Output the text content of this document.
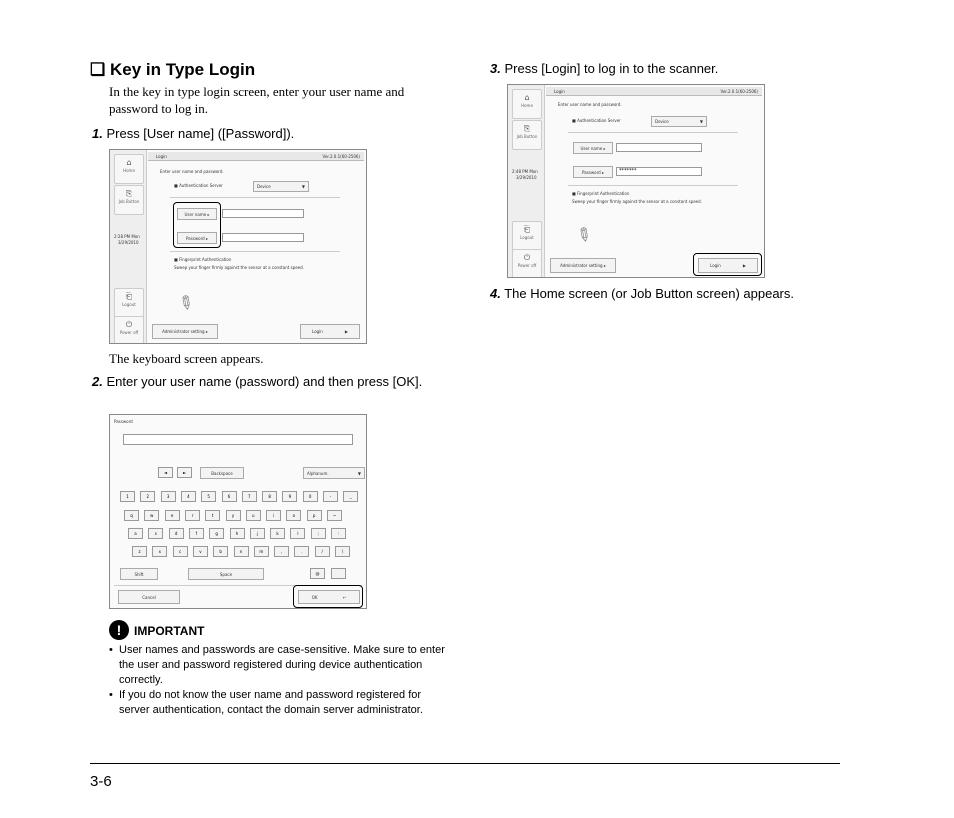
❑ Key in Type Login
In the key in type login screen, enter your user name and password to log in.
1. Press [User name] ([Password]).
⌂
Home
⎘
Job Button
2:28 PM Mon
3/29/2010
⎗
Logout
⏻
Power off
Login	Ver.2.0.1(60-2506)
Enter user name and password.
■ Authentication Server	Device	▼
User name ▸
Password ▸
■ Fingerprint Authentication
Sweep your finger firmly against the sensor at a constant speed.
✎
Administrator setting ▸	Login	▶
The keyboard screen appears.
2. Enter your user name (password) and then press [OK].
Password
◄	►	Backspace	Alphanum.	▼
1	2	3	4	5	6	7	8	9	0	-	_
q	w	e	r	t	y	u	i	o	p	~
a	s	d	f	g	h	j	k	l	;	:
z	x	c	v	b	n	m	,	.	/	\
Shift	Space	@
Cancel	OK	↵
!	IMPORTANT
• User names and passwords are case-sensitive. Make sure to enter the user and password registered during device authentication correctly.
• If you do not know the user name and password registered for server authentication, contact the domain server administrator.
3. Press [Login] to log in to the scanner.
⌂
Home
⎘
Job Button
2:48 PM Mon
3/29/2010
⎗
Logout
⏻
Power off
Login	Ver.2.0.1(60-2506)
Enter user name and password.
■ Authentication Server	Device	▼
User name ▸
Password ▸	*******
■ Fingerprint Authentication
Sweep your finger firmly against the sensor at a constant speed.
✎
Administrator setting ▸	Login	▶
4. The Home screen (or Job Button screen) appears.
3-6
